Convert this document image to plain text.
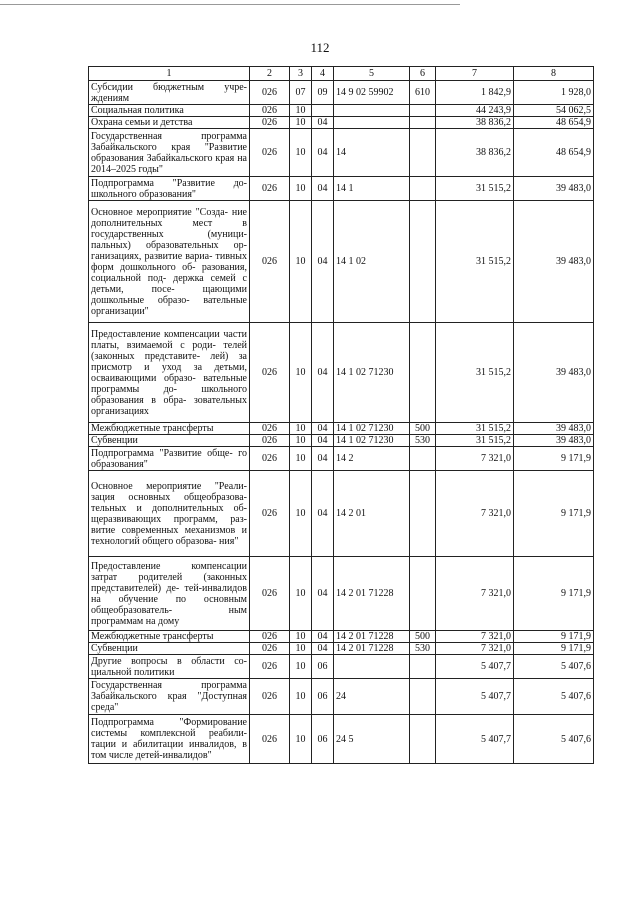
112
1	2	3	4	5	6	7	8
Субсидии бюджетным учре- ждениям	026	07	09	14 9 02 59902	610	1 842,9	1 928,0
Социальная политика	026	10				44 243,9	54 062,5
Охрана семьи и детства	026	10	04			38 836,2	48 654,9
Государственная программа Забайкальского края "Развитие образования Забайкальского края на 2014–2025 годы"	026	10	04	14		38 836,2	48 654,9
Подпрограмма "Развитие до- школьного образования"	026	10	04	14 1		31 515,2	39 483,0
Основное мероприятие "Созда- ние дополнительных мест в государственных (муници- пальных) образовательных ор- ганизациях, развитие вариа- тивных форм дошкольного об- разования, социальной под- держка семей с детьми, посе- щающими дошкольные образо- вательные организации"	026	10	04	14 1 02		31 515,2	39 483,0
Предоставление компенсации части платы, взимаемой с роди- телей (законных представите- лей) за присмотр и уход за детьми, осваивающими образо- вательные программы до- школьного образования в обра- зовательных организациях	026	10	04	14 1 02 71230		31 515,2	39 483,0
Межбюджетные трансферты	026	10	04	14 1 02 71230	500	31 515,2	39 483,0
Субвенции	026	10	04	14 1 02 71230	530	31 515,2	39 483,0
Подпрограмма "Развитие обще- го образования"	026	10	04	14 2		7 321,0	9 171,9
Основное мероприятие "Реали- зация основных общеобразова- тельных и дополнительных об- щеразвивающих программ, раз- витие современных механизмов и технологий общего образова- ния"	026	10	04	14 2 01		7 321,0	9 171,9
Предоставление компенсации затрат родителей (законных представителей) де- тей-инвалидов на обучение по основным общеобразователь- ным программам на дому	026	10	04	14 2 01 71228		7 321,0	9 171,9
Межбюджетные трансферты	026	10	04	14 2 01 71228	500	7 321,0	9 171,9
Субвенции	026	10	04	14 2 01 71228	530	7 321,0	9 171,9
Другие вопросы в области со- циальной политики	026	10	06			5 407,7	5 407,6
Государственная программа Забайкальского края "Доступная среда"	026	10	06	24		5 407,7	5 407,6
Подпрограмма "Формирование системы комплексной реабили- тации и абилитации инвалидов, в том числе детей-инвалидов"	026	10	06	24 5		5 407,7	5 407,6
